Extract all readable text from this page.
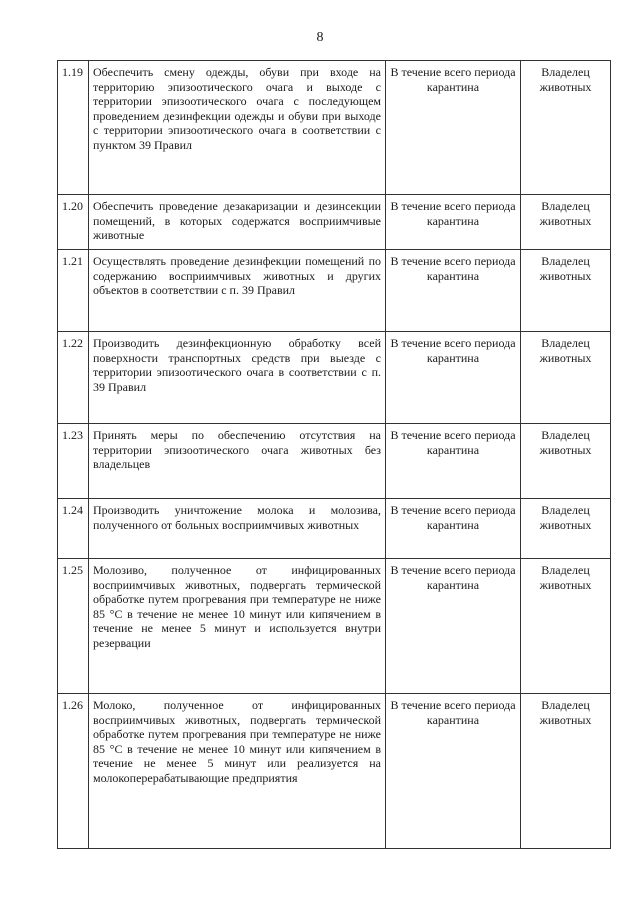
8
1.19	Обеспечить смену одежды, обуви при входе на территорию эпизоотического очага и выходе с территории эпизоотического очага с последующем проведением дезинфекции одежды и обуви при выходе с территории эпизоотического очага в соответствии с пунктом 39 Правил	В течение всего периода карантина	Владелец животных
1.20	Обеспечить проведение дезакаризации и дезинсекции помещений, в которых содержатся восприимчивые животные	В течение всего периода карантина	Владелец животных
1.21	Осуществлять проведение дезинфекции помещений по содержанию восприимчивых животных и других объектов в соответствии с п. 39 Правил	В течение всего периода карантина	Владелец животных
1.22	Производить дезинфекционную обработку всей поверхности транспортных средств при выезде с территории эпизоотического очага в соответствии с п. 39 Правил	В течение всего периода карантина	Владелец животных
1.23	Принять меры по обеспечению отсутствия на территории эпизоотического очага животных без владельцев	В течение всего периода карантина	Владелец животных
1.24	Производить уничтожение молока и молозива, полученного от больных восприимчивых животных	В течение всего периода карантина	Владелец животных
1.25	Молозиво, полученное от инфицированных восприимчивых животных, подвергать термической обработке путем прогревания при температуре не ниже 85 °С в течение не менее 10 минут или кипячением в течение не менее 5 минут и используется внутри резервации	В течение всего периода карантина	Владелец животных
1.26	Молоко, полученное от инфицированных восприимчивых животных, подвергать термической обработке путем прогревания при температуре не ниже 85 °С в течение не менее 10 минут или кипячением в течение не менее 5 минут или реализуется на молокоперерабатывающие предприятия	В течение всего периода карантина	Владелец животных
